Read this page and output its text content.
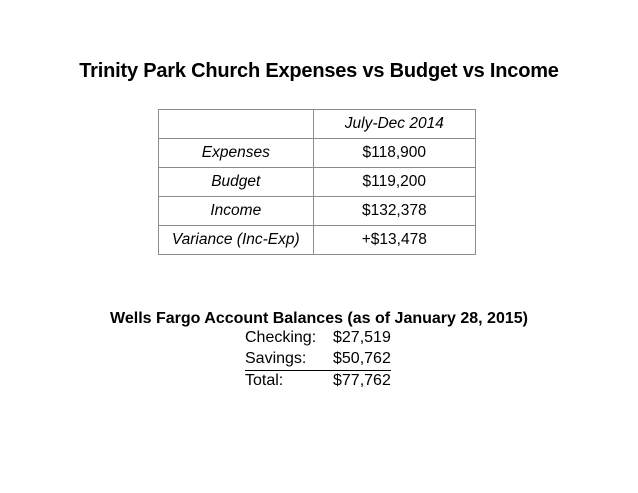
Trinity Park Church Expenses vs Budget vs Income
	July-Dec 2014
Expenses	$118,900
Budget	$119,200
Income	$132,378
Variance (Inc-Exp)	+$13,478
Wells Fargo Account Balances (as of January 28, 2015)
Checking: $27,519
Savings: $50,762
Total:	$77,762
